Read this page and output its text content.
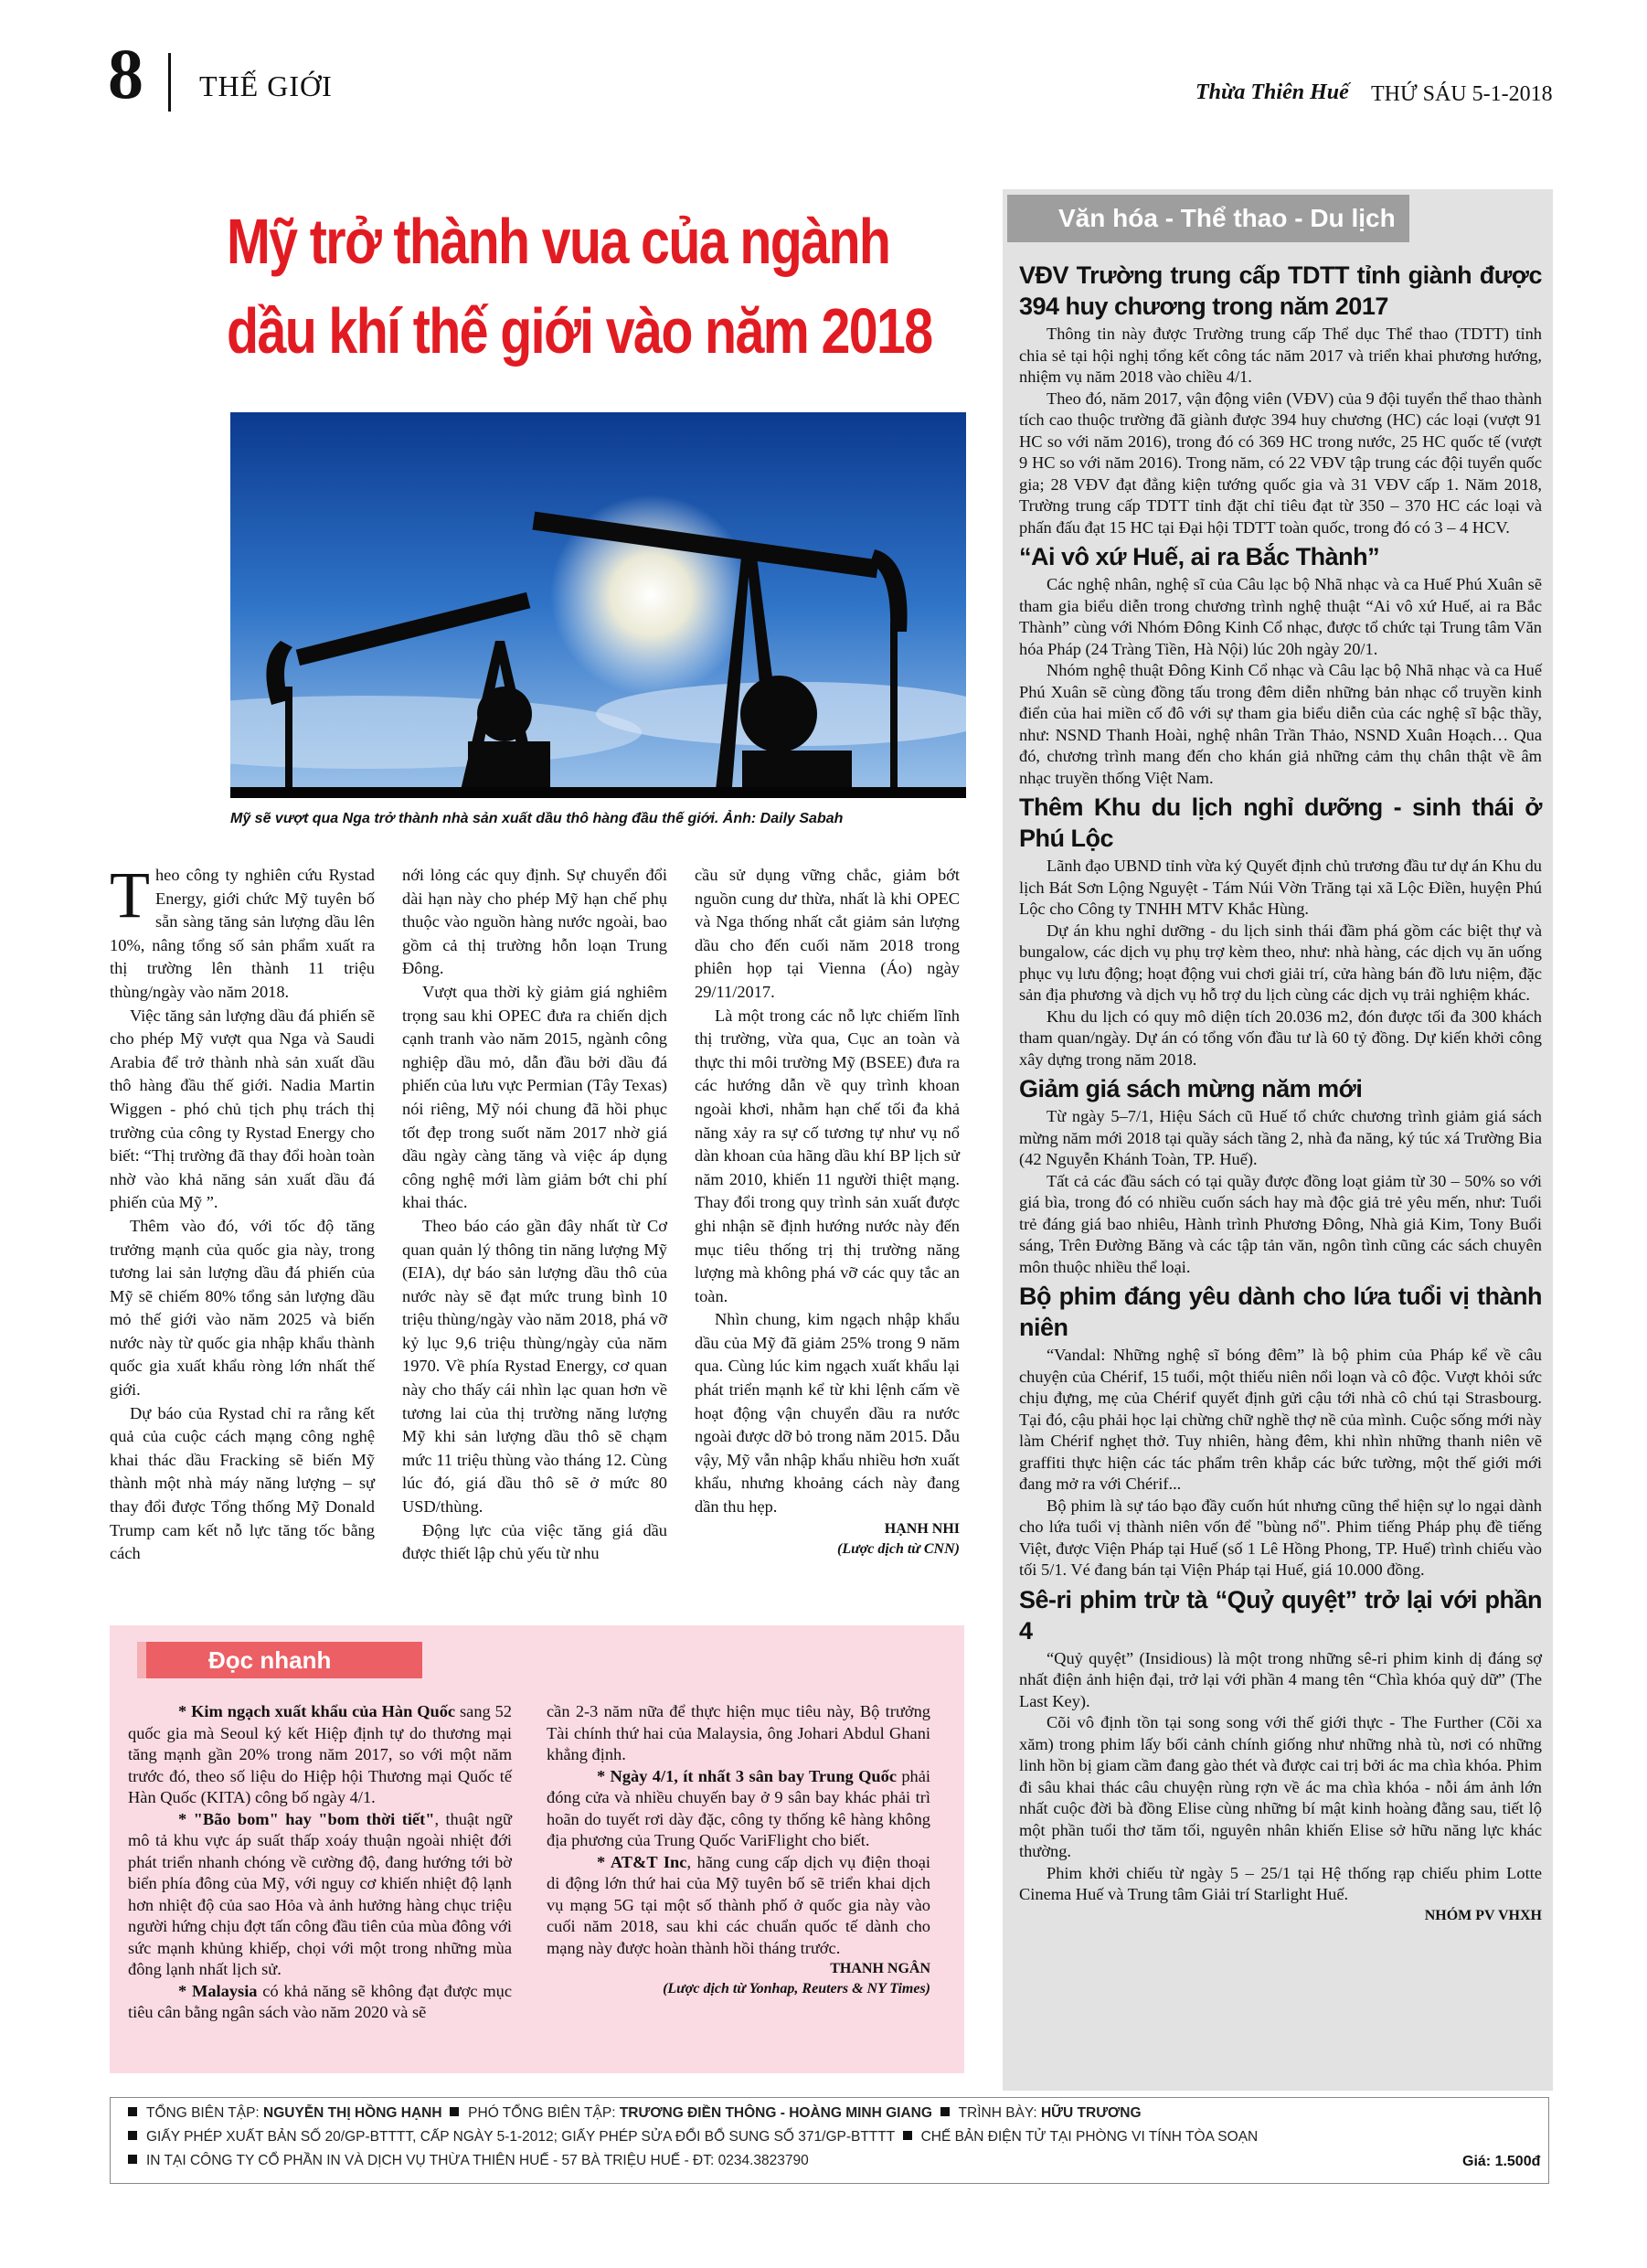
8 THẾ GIỚI	Thừa Thiên Huế THỨ SÁU 5-1-2018
Mỹ trở thành vua của ngành dầu khí thế giới vào năm 2018
Mỹ sẽ vượt qua Nga trở thành nhà sản xuất dầu thô hàng đầu thế giới. Ảnh: Daily Sabah

Theo công ty nghiên cứu Rystad Energy, giới chức Mỹ tuyên bố sẵn sàng tăng sản lượng dầu lên 10%, nâng tổng số sản phẩm xuất ra thị trường lên thành 11 triệu thùng/ngày vào năm 2018.

Việc tăng sản lượng dầu đá phiến sẽ cho phép Mỹ vượt qua Nga và Saudi Arabia để trở thành nhà sản xuất dầu thô hàng đầu thế giới. Nadia Martin Wiggen - phó chủ tịch phụ trách thị trường của công ty Rystad Energy cho biết: “Thị trường đã thay đổi hoàn toàn nhờ vào khả năng sản xuất dầu đá phiến của Mỹ ”.

Thêm vào đó, với tốc độ tăng trưởng mạnh của quốc gia này, trong tương lai sản lượng dầu đá phiến của Mỹ sẽ chiếm 80% tổng sản lượng dầu mỏ thế giới vào năm 2025 và biến nước này từ quốc gia nhập khẩu thành quốc gia xuất khẩu ròng lớn nhất thế giới.

Dự báo của Rystad chỉ ra rằng kết quả của cuộc cách mạng công nghệ khai thác dầu Fracking sẽ biến Mỹ thành một nhà máy năng lượng – sự thay đổi được Tổng thống Mỹ Donald Trump cam kết nỗ lực tăng tốc bằng cách

nới lỏng các quy định. Sự chuyển đổi dài hạn này cho phép Mỹ hạn chế phụ thuộc vào nguồn hàng nước ngoài, bao gồm cả thị trường hỗn loạn Trung Đông.

Vượt qua thời kỳ giảm giá nghiêm trọng sau khi OPEC đưa ra chiến dịch cạnh tranh vào năm 2015, ngành công nghiệp dầu mỏ, dẫn đầu bởi dầu đá phiến của lưu vực Permian (Tây Texas) nói riêng, Mỹ nói chung đã hồi phục tốt đẹp trong suốt năm 2017 nhờ giá dầu ngày càng tăng và việc áp dụng công nghệ mới làm giảm bớt chi phí khai thác.

Theo báo cáo gần đây nhất từ Cơ quan quản lý thông tin năng lượng Mỹ (EIA), dự báo sản lượng dầu thô của nước này sẽ đạt mức trung bình 10 triệu thùng/ngày vào năm 2018, phá vỡ kỷ lục 9,6 triệu thùng/ngày của năm 1970. Về phía Rystad Energy, cơ quan này cho thấy cái nhìn lạc quan hơn về tương lai của thị trường năng lượng Mỹ khi sản lượng dầu thô sẽ chạm mức 11 triệu thùng vào tháng 12. Cùng lúc đó, giá dầu thô sẽ ở mức 80 USD/thùng.

Động lực của việc tăng giá dầu được thiết lập chủ yếu từ nhu

cầu sử dụng vững chắc, giảm bớt nguồn cung dư thừa, nhất là khi OPEC và Nga thống nhất cắt giảm sản lượng dầu cho đến cuối năm 2018 trong phiên họp tại Vienna (Áo) ngày 29/11/2017.

Là một trong các nỗ lực chiếm lĩnh thị trường, vừa qua, Cục an toàn và thực thi môi trường Mỹ (BSEE) đưa ra các hướng dẫn về quy trình khoan ngoài khơi, nhằm hạn chế tối đa khả năng xảy ra sự cố tương tự như vụ nổ dàn khoan của hãng dầu khí BP lịch sử năm 2010, khiến 11 người thiệt mạng. Thay đổi trong quy trình sản xuất được ghi nhận sẽ định hướng nước này đến mục tiêu thống trị thị trường năng lượng mà không phá vỡ các quy tắc an toàn.

Nhìn chung, kim ngạch nhập khẩu dầu của Mỹ đã giảm 25% trong 9 năm qua. Cùng lúc kim ngạch xuất khẩu lại phát triển mạnh kể từ khi lệnh cấm về hoạt động vận chuyển dầu ra nước ngoài được dỡ bỏ trong năm 2015. Dẫu vậy, Mỹ vẫn nhập khẩu nhiều hơn xuất khẩu, nhưng khoảng cách này đang dần thu hẹp.

HẠNH NHI
(Lược dịch từ CNN)
Đọc nhanh

* Kim ngạch xuất khẩu của Hàn Quốc sang 52 quốc gia mà Seoul ký kết Hiệp định tự do thương mại tăng mạnh gần 20% trong năm 2017, so với một năm trước đó, theo số liệu do Hiệp hội Thương mại Quốc tế Hàn Quốc (KITA) công bố ngày 4/1.

* "Bão bom" hay "bom thời tiết", thuật ngữ mô tả khu vực áp suất thấp xoáy thuận ngoài nhiệt đới phát triển nhanh chóng về cường độ, đang hướng tới bờ biển phía đông của Mỹ, với nguy cơ khiến nhiệt độ lạnh hơn nhiệt độ của sao Hỏa và ảnh hưởng hàng chục triệu người hứng chịu đợt tấn công đầu tiên của mùa đông với sức mạnh khủng khiếp, chọi với một trong những mùa đông lạnh nhất lịch sử.

* Malaysia có khả năng sẽ không đạt được mục tiêu cân bằng ngân sách vào năm 2020 và sẽ

cần 2-3 năm nữa để thực hiện mục tiêu này, Bộ trưởng Tài chính thứ hai của Malaysia, ông Johari Abdul Ghani khẳng định.

* Ngày 4/1, ít nhất 3 sân bay Trung Quốc phải đóng cửa và nhiều chuyến bay ở 9 sân bay khác phải trì hoãn do tuyết rơi dày đặc, công ty thống kê hàng không địa phương của Trung Quốc VariFlight cho biết.

* AT&T Inc, hãng cung cấp dịch vụ điện thoại di động lớn thứ hai của Mỹ tuyên bố sẽ triển khai dịch vụ mạng 5G tại một số thành phố ở quốc gia này vào cuối năm 2018, sau khi các chuẩn quốc tế dành cho mạng này được hoàn thành hồi tháng trước.

THANH NGÂN
(Lược dịch từ Yonhap, Reuters & NY Times)
Văn hóa - Thể thao - Du lịch
VĐV Trường trung cấp TDTT tỉnh giành được 394 huy chương trong năm 2017

Thông tin này được Trường trung cấp Thể dục Thể thao (TDTT) tỉnh chia sẻ tại hội nghị tổng kết công tác năm 2017 và triển khai phương hướng, nhiệm vụ năm 2018 vào chiều 4/1.

Theo đó, năm 2017, vận động viên (VĐV) của 9 đội tuyển thể thao thành tích cao thuộc trường đã giành được 394 huy chương (HC) các loại (vượt 91 HC so với năm 2016), trong đó có 369 HC trong nước, 25 HC quốc tế (vượt 9 HC so với năm 2016). Trong năm, có 22 VĐV tập trung các đội tuyển quốc gia; 28 VĐV đạt đẳng kiện tướng quốc gia và 31 VĐV cấp 1. Năm 2018, Trường trung cấp TDTT tỉnh đặt chỉ tiêu đạt từ 350 – 370 HC các loại và phấn đấu đạt 15 HC tại Đại hội TDTT toàn quốc, trong đó có 3 – 4 HCV.

“Ai vô xứ Huế, ai ra Bắc Thành”

Các nghệ nhân, nghệ sĩ của Câu lạc bộ Nhã nhạc và ca Huế Phú Xuân sẽ tham gia biểu diễn trong chương trình nghệ thuật “Ai vô xứ Huế, ai ra Bắc Thành” cùng với Nhóm Đông Kinh Cổ nhạc, được tổ chức tại Trung tâm Văn hóa Pháp (24 Tràng Tiền, Hà Nội) lúc 20h ngày 20/1.

Nhóm nghệ thuật Đông Kinh Cổ nhạc và Câu lạc bộ Nhã nhạc và ca Huế Phú Xuân sẽ cùng đồng tấu trong đêm diễn những bản nhạc cổ truyền kinh điển của hai miền cố đô với sự tham gia biểu diễn của các nghệ sĩ bậc thầy, như: NSND Thanh Hoài, nghệ nhân Trần Thảo, NSND Xuân Hoạch… Qua đó, chương trình mang đến cho khán giả những cảm thụ chân thật về âm nhạc truyền thống Việt Nam.

Thêm Khu du lịch nghỉ dưỡng - sinh thái ở Phú Lộc

Lãnh đạo UBND tỉnh vừa ký Quyết định chủ trương đầu tư dự án Khu du lịch Bát Sơn Lộng Nguyệt - Tám Núi Vờn Trăng tại xã Lộc Điền, huyện Phú Lộc cho Công ty TNHH MTV Khắc Hùng.

Dự án khu nghỉ dưỡng - du lịch sinh thái đầm phá gồm các biệt thự và bungalow, các dịch vụ phụ trợ kèm theo, như: nhà hàng, các dịch vụ ăn uống phục vụ lưu động; hoạt động vui chơi giải trí, cửa hàng bán đồ lưu niệm, đặc sản địa phương và dịch vụ hỗ trợ du lịch cùng các dịch vụ trải nghiệm khác.

Khu du lịch có quy mô diện tích 20.036 m2, đón được tối đa 300 khách tham quan/ngày. Dự án có tổng vốn đầu tư là 60 tỷ đồng. Dự kiến khởi công xây dựng trong năm 2018.

Giảm giá sách mừng năm mới

Từ ngày 5–7/1, Hiệu Sách cũ Huế tổ chức chương trình giảm giá sách mừng năm mới 2018 tại quầy sách tầng 2, nhà đa năng, ký túc xá Trường Bia (42 Nguyễn Khánh Toàn, TP. Huế).

Tất cả các đầu sách có tại quầy được đồng loạt giảm từ 30 – 50% so với giá bìa, trong đó có nhiều cuốn sách hay mà độc giả trẻ yêu mến, như: Tuổi trẻ đáng giá bao nhiêu, Hành trình Phương Đông, Nhà giả Kim, Tony Buổi sáng, Trên Đường Băng và các tập tản văn, ngôn tình cũng các sách chuyên môn thuộc nhiều thể loại.

Bộ phim đáng yêu dành cho lứa tuổi vị thành niên

“Vandal: Những nghệ sĩ bóng đêm” là bộ phim của Pháp kể về câu chuyện của Chérif, 15 tuổi, một thiếu niên nổi loạn và cô độc. Vượt khỏi sức chịu đựng, mẹ của Chérif quyết định gửi cậu tới nhà cô chú tại Strasbourg. Tại đó, cậu phải học lại chừng chữ nghề thợ nề của mình. Cuộc sống mới này làm Chérif nghẹt thở. Tuy nhiên, hàng đêm, khi nhìn những thanh niên vẽ graffiti thực hiện các tác phẩm trên khắp các bức tường, một thế giới mới đang mở ra với Chérif...

Bộ phim là sự táo bạo đầy cuốn hút nhưng cũng thể hiện sự lo ngại dành cho lứa tuổi vị thành niên vốn để "bùng nổ". Phim tiếng Pháp phụ đề tiếng Việt, được Viện Pháp tại Huế (số 1 Lê Hồng Phong, TP. Huế) trình chiếu vào tối 5/1. Vé đang bán tại Viện Pháp tại Huế, giá 10.000 đồng.

Sê-ri phim trừ tà “Quỷ quyệt” trở lại với phần 4

“Quỷ quyệt” (Insidious) là một trong những sê-ri phim kinh dị đáng sợ nhất điện ảnh hiện đại, trở lại với phần 4 mang tên “Chìa khóa quỷ dữ” (The Last Key).

Cõi vô định tồn tại song song với thế giới thực - The Further (Cõi xa xăm) trong phim lấy bối cảnh chính giống như những nhà tù, nơi có những linh hồn bị giam cầm đang gào thét và được cai trị bởi ác ma chìa khóa. Phim đi sâu khai thác câu chuyện rùng rợn về ác ma chìa khóa - nỗi ám ảnh lớn nhất cuộc đời bà đồng Elise cùng những bí mật kinh hoàng đằng sau, tiết lộ một phần tuổi thơ tăm tối, nguyên nhân khiến Elise sở hữu năng lực khác thường.

Phim khởi chiếu từ ngày 5 – 25/1 tại Hệ thống rạp chiếu phim Lotte Cinema Huế và Trung tâm Giải trí Starlight Huế.

NHÓM PV VHXH
TỔNG BIÊN TẬP: NGUYỄN THỊ HỒNG HẠNH PHÓ TỔNG BIÊN TẬP: TRƯƠNG ĐIỀN THÔNG - HOÀNG MINH GIANG TRÌNH BÀY: HỮU TRƯƠNG
GIẤY PHÉP XUẤT BẢN SỐ 20/GP-BTTTT, CẤP NGÀY 5-1-2012; GIẤY PHÉP SỬA ĐỔI BỔ SUNG SỐ 371/GP-BTTTT CHẾ BẢN ĐIỆN TỬ TẠI PHÒNG VI TÍNH TÒA SOẠN
IN TẠI CÔNG TY CỔ PHẦN IN VÀ DỊCH VỤ THỪA THIÊN HUẾ - 57 BÀ TRIỆU HUẾ - ĐT: 0234.3823790	Giá: 1.500đ
